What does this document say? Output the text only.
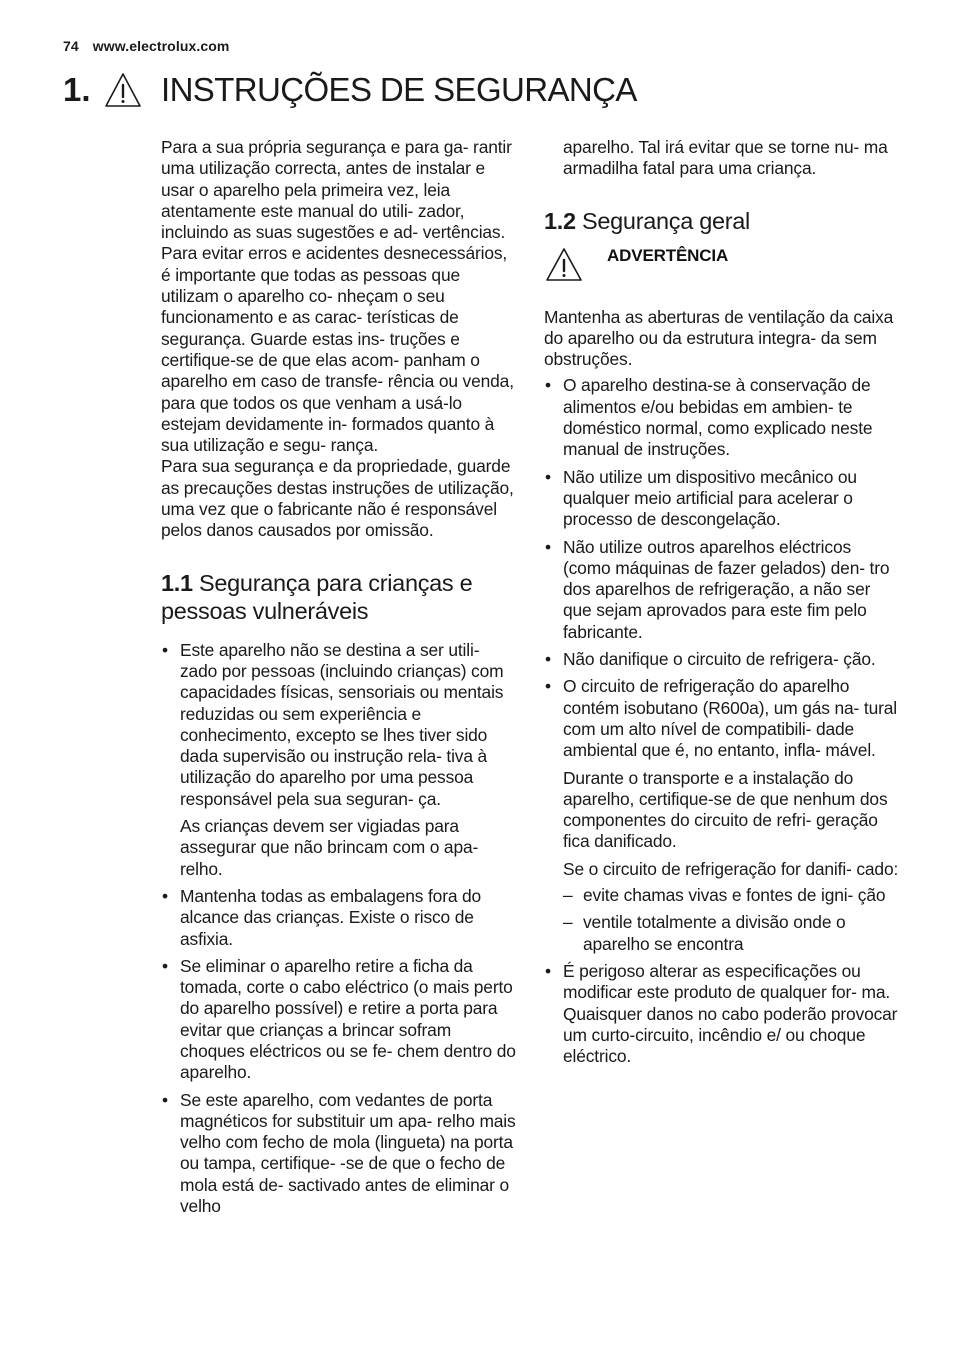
74 www.electrolux.com
1.	INSTRUÇÕES DE SEGURANÇA

Para a sua própria segurança e para ga- rantir uma utilização correcta, antes de instalar e usar o aparelho pela primeira vez, leia atentamente este manual do utili- zador, incluindo as suas sugestões e ad- vertências. Para evitar erros e acidentes desnecessários, é importante que todas as pessoas que utilizam o aparelho co- nheçam o seu funcionamento e as carac- terísticas de segurança. Guarde estas ins- truções e certifique-se de que elas acom- panham o aparelho em caso de transfe- rência ou venda, para que todos os que venham a usá-lo estejam devidamente in- formados quanto à sua utilização e segu- rança.

Para sua segurança e da propriedade, guarde as precauções destas instruções de utilização, uma vez que o fabricante não é responsável pelos danos causados por omissão.

1.1 Segurança para crianças e pessoas vulneráveis

• Este aparelho não se destina a ser utili- zado por pessoas (incluindo crianças) com capacidades físicas, sensoriais ou mentais reduzidas ou sem experiência e conhecimento, excepto se lhes tiver sido dada supervisão ou instrução rela- tiva à utilização do aparelho por uma pessoa responsável pela sua seguran- ça.

As crianças devem ser vigiadas para assegurar que não brincam com o apa- relho.

• Mantenha todas as embalagens fora do alcance das crianças. Existe o risco de asfixia.

• Se eliminar o aparelho retire a ficha da tomada, corte o cabo eléctrico (o mais perto do aparelho possível) e retire a porta para evitar que crianças a brincar sofram choques eléctricos ou se fe- chem dentro do aparelho.

• Se este aparelho, com vedantes de porta magnéticos for substituir um apa- relho mais velho com fecho de mola (lingueta) na porta ou tampa, certifique- -se de que o fecho de mola está de- sactivado antes de eliminar o velho

aparelho. Tal irá evitar que se torne nu- ma armadilha fatal para uma criança.

1.2 Segurança geral
ADVERTÊNCIA

Mantenha as aberturas de ventilação da caixa do aparelho ou da estrutura integra- da sem obstruções.

• O aparelho destina-se à conservação de alimentos e/ou bebidas em ambien- te doméstico normal, como explicado neste manual de instruções.

• Não utilize um dispositivo mecânico ou qualquer meio artificial para acelerar o processo de descongelação.

• Não utilize outros aparelhos eléctricos (como máquinas de fazer gelados) den- tro dos aparelhos de refrigeração, a não ser que sejam aprovados para este fim pelo fabricante.

• Não danifique o circuito de refrigera- ção.

• O circuito de refrigeração do aparelho contém isobutano (R600a), um gás na- tural com um alto nível de compatibili- dade ambiental que é, no entanto, infla- mável.

Durante o transporte e a instalação do aparelho, certifique-se de que nenhum dos componentes do circuito de refri- geração fica danificado.

Se o circuito de refrigeração for danifi- cado:

– evite chamas vivas e fontes de igni- ção
– ventile totalmente a divisão onde o aparelho se encontra

• É perigoso alterar as especificações ou modificar este produto de qualquer for- ma. Quaisquer danos no cabo poderão provocar um curto-circuito, incêndio e/ ou choque eléctrico.
